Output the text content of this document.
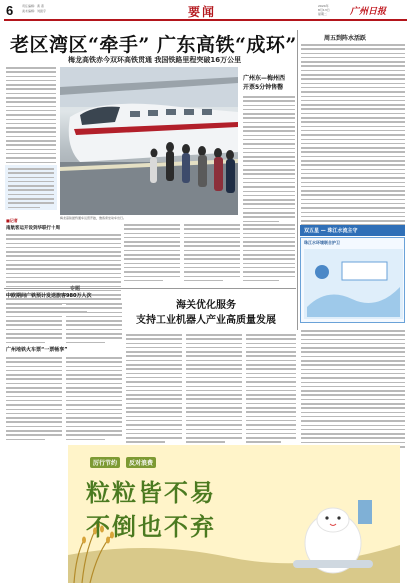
6	责任编辑：黄 燕
美术编辑：刘振宇	要闻	2024年
8月13日
星期二	广州日报
老区湾区“牵手” 广东高铁“成环”
梅龙高铁赤今双环高铁贯通 我国铁路里程突破16万公里
梅龙高铁最终通车运营开始，旅客乘坐动车出行。
广州东—梅州西
开票5分钟售罄
周五到阵水活跃
双五星 — 珠江水流主守
珠江水环境联合护卫
■记者
南航客运开设到华联行十周
中欧期间广铁预计发送旅客980万人次
广州地铁火车票“一票畅享”
专题
海关优化服务
支持工业机器人产业高质量发展
厉行节约	反对浪费
粒粒皆不易
不倒也不弃
